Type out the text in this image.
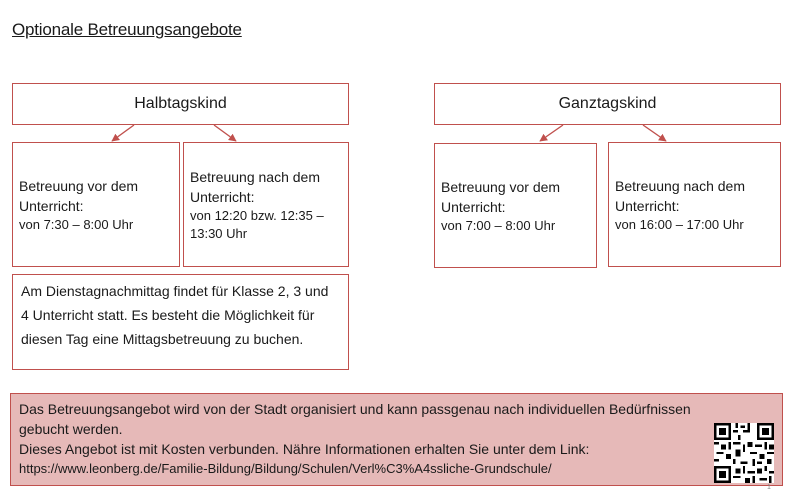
Optionale Betreuungsangebote
Halbtagskind
Betreuung vor dem Unterricht:
von 7:30 – 8:00 Uhr
Betreuung nach dem Unterricht:
von 12:20 bzw. 12:35 – 13:30 Uhr
Am Dienstagnachmittag findet für Klasse 2, 3 und 4 Unterricht statt. Es besteht die Möglichkeit für diesen Tag eine Mittagsbetreuung zu buchen.
Ganztagskind
Betreuung vor dem Unterricht:
von 7:00 – 8:00 Uhr
Betreuung nach dem Unterricht:
von 16:00 – 17:00 Uhr
Das Betreuungsangebot wird von der Stadt organisiert und kann passgenau nach individuellen Bedürfnissen gebucht werden.
Dieses Angebot ist mit Kosten verbunden. Nähre Informationen erhalten Sie unter dem Link:
https://www.leonberg.de/Familie-Bildung/Bildung/Schulen/Verl%C3%A4ssliche-Grundschule/
1
